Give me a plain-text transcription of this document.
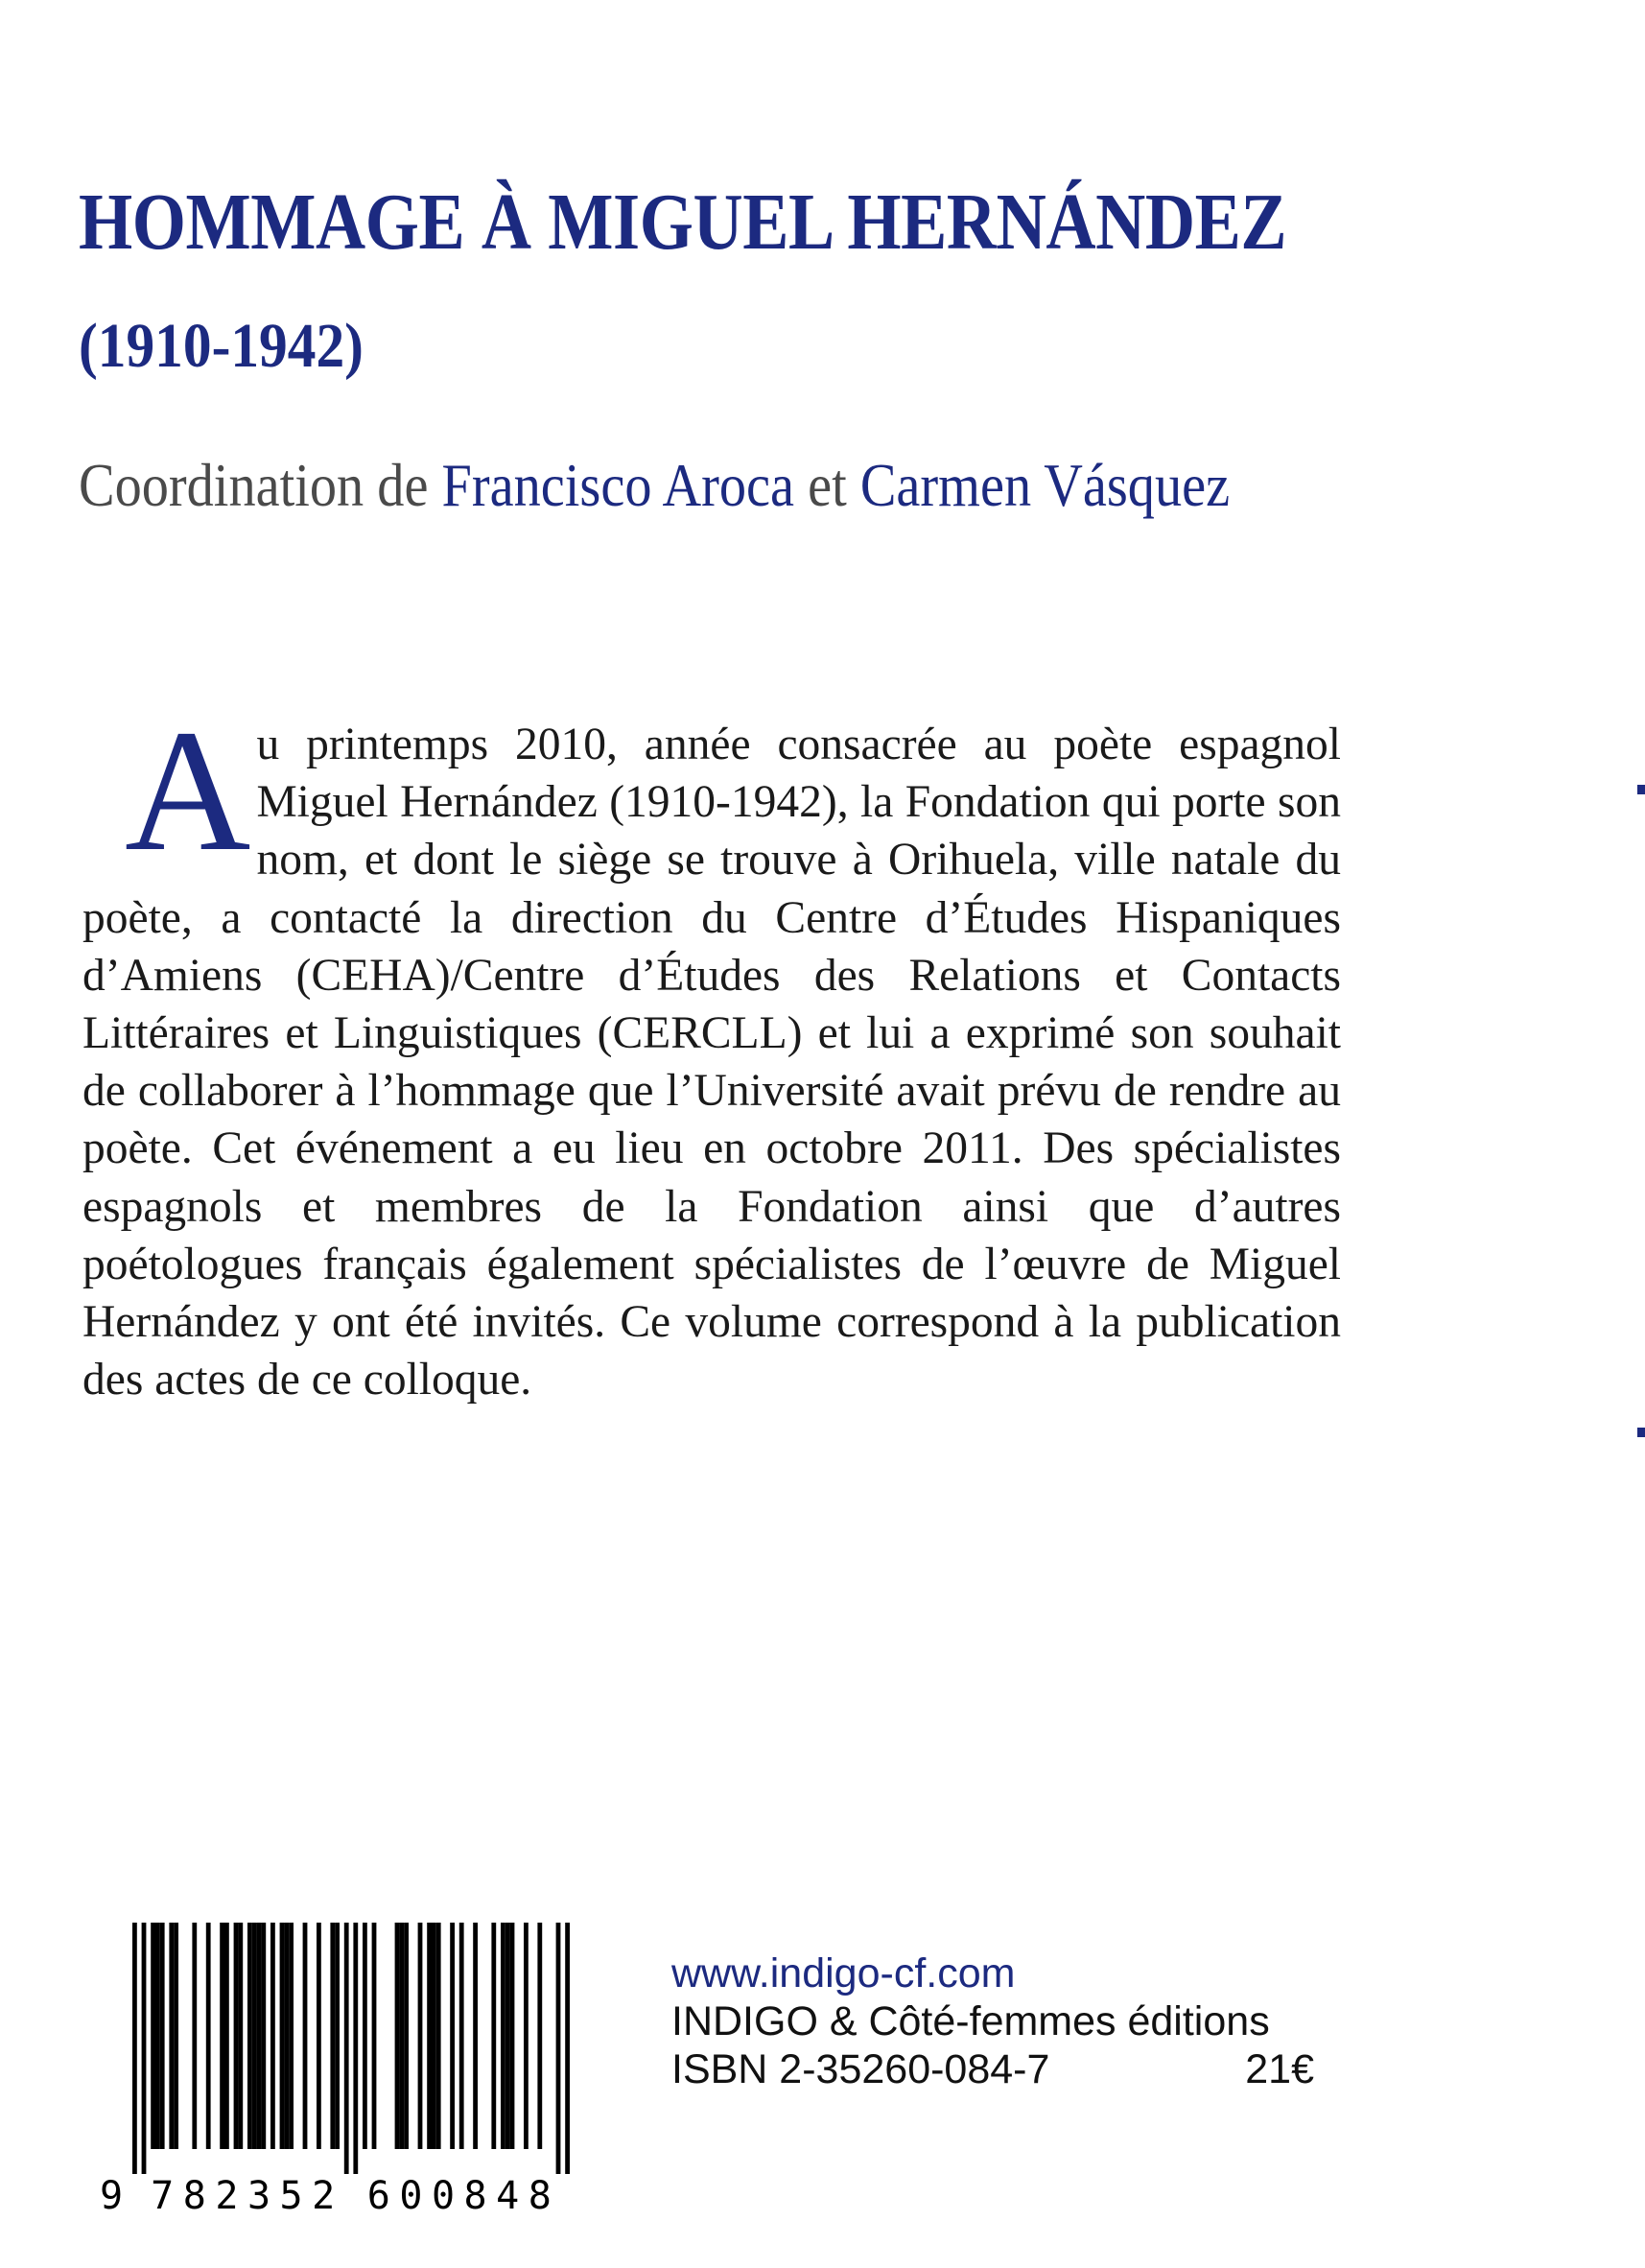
HOMMAGE À MIGUEL HERNÁNDEZ
(1910-1942)
Coordination de Francisco Aroca et Carmen Vásquez

Au printemps 2010, année consacrée au poète espagnol Miguel Hernández (1910-1942), la Fondation qui porte son nom, et dont le siège se trouve à Orihuela, ville natale du poète, a contacté la direction du Centre d’Études Hispaniques d’Amiens (CEHA)/Centre d’Études des Relations et Contacts Littéraires et Linguistiques (CERCLL) et lui a exprimé son souhait de collaborer à l’hommage que l’Université avait prévu de rendre au poète. Cet événement a eu lieu en octobre 2011. Des spécialistes espagnols et membres de la Fondation ainsi que d’autres poétologues français également spécialistes de l’œuvre de Miguel Hernández y ont été invités. Ce volume correspond à la publication des actes de ce colloque.

9 7 8 2 3 5 2 6 0 0 8 4 8
www.indigo-cf.com
INDIGO & Côté-femmes éditions
ISBN 2-35260-084-7	21€
